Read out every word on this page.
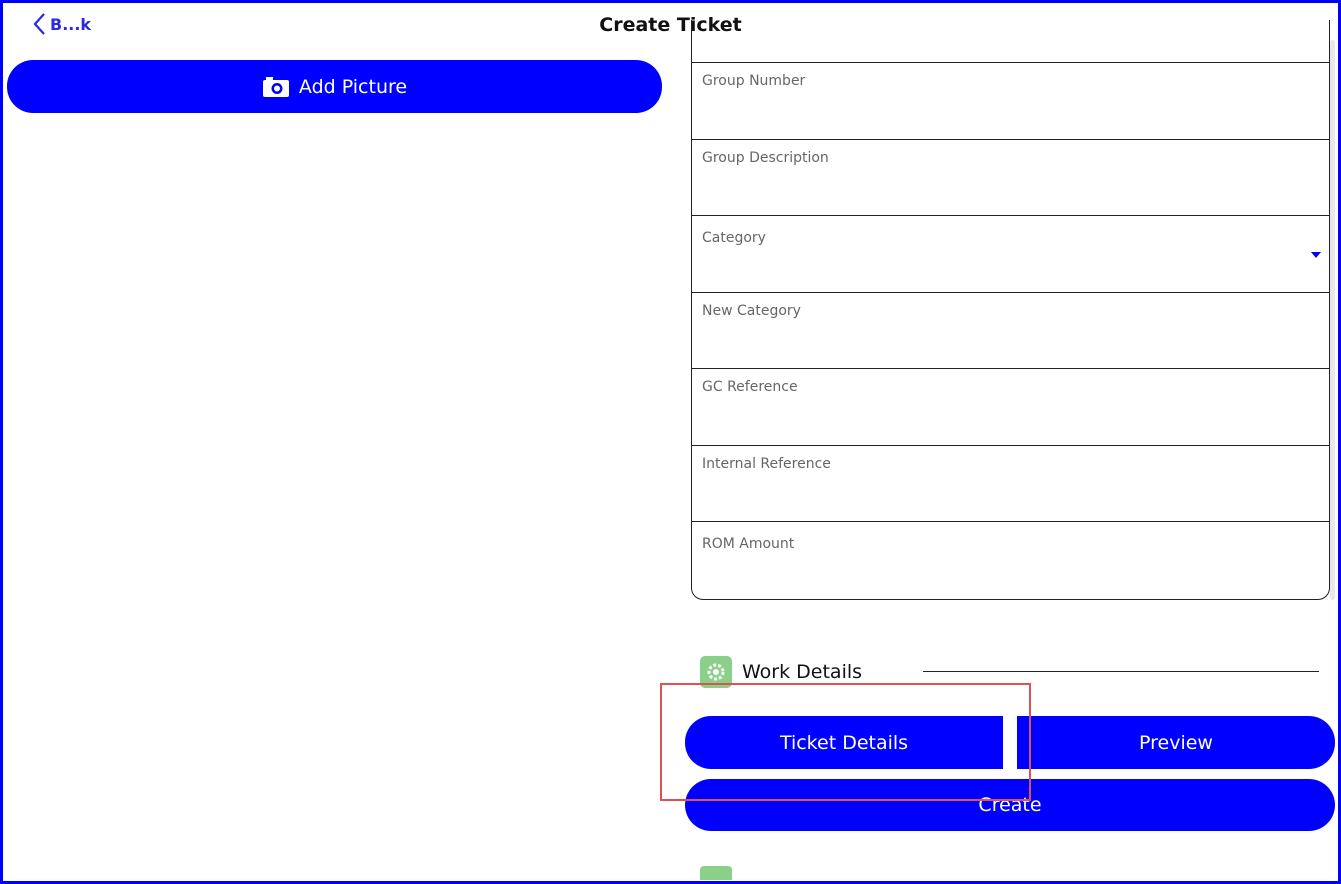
B...k	Create Ticket
Add Picture	Group Number
Group Description
Category
New Category
GC Reference
Internal Reference
ROM Amount
Work Details
Ticket Details	Preview
Create
